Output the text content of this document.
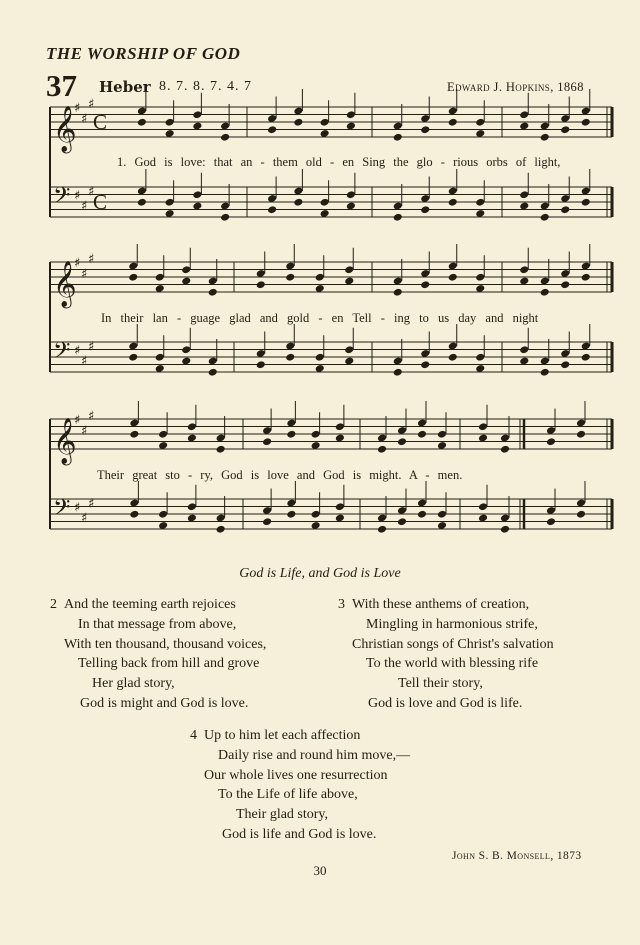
THE WORSHIP OF GOD
37 Heber 8. 7. 8. 7. 4. 7	Edward J. Hopkins, 1868
𝄞
♯
♯
♯
C
𝄢 ♯
♯
♯
C
𝄞
♯
♯
♯
𝄢 ♯
♯
♯
𝄞
♯
♯
♯
𝄢 ♯
♯
♯
1. God is love: that an - them old - en Sing the glo - rious orbs of light,
In their lan - guage glad and gold - en Tell - ing to us day and night
Their great sto - ry, God is love and God is might. A - men.
God is Life, and God is Love
2 And the teeming earth rejoices
In that message from above,
With ten thousand, thousand voices,
Telling back from hill and grove
Her glad story,
God is might and God is love.
3 With these anthems of creation,
Mingling in harmonious strife,
Christian songs of Christ's salvation
To the world with blessing rife
Tell their story,
God is love and God is life.
4 Up to him let each affection
Daily rise and round him move,—
Our whole lives one resurrection
To the Life of life above,
Their glad story,
God is life and God is love.
John S. B. Monsell, 1873
30
